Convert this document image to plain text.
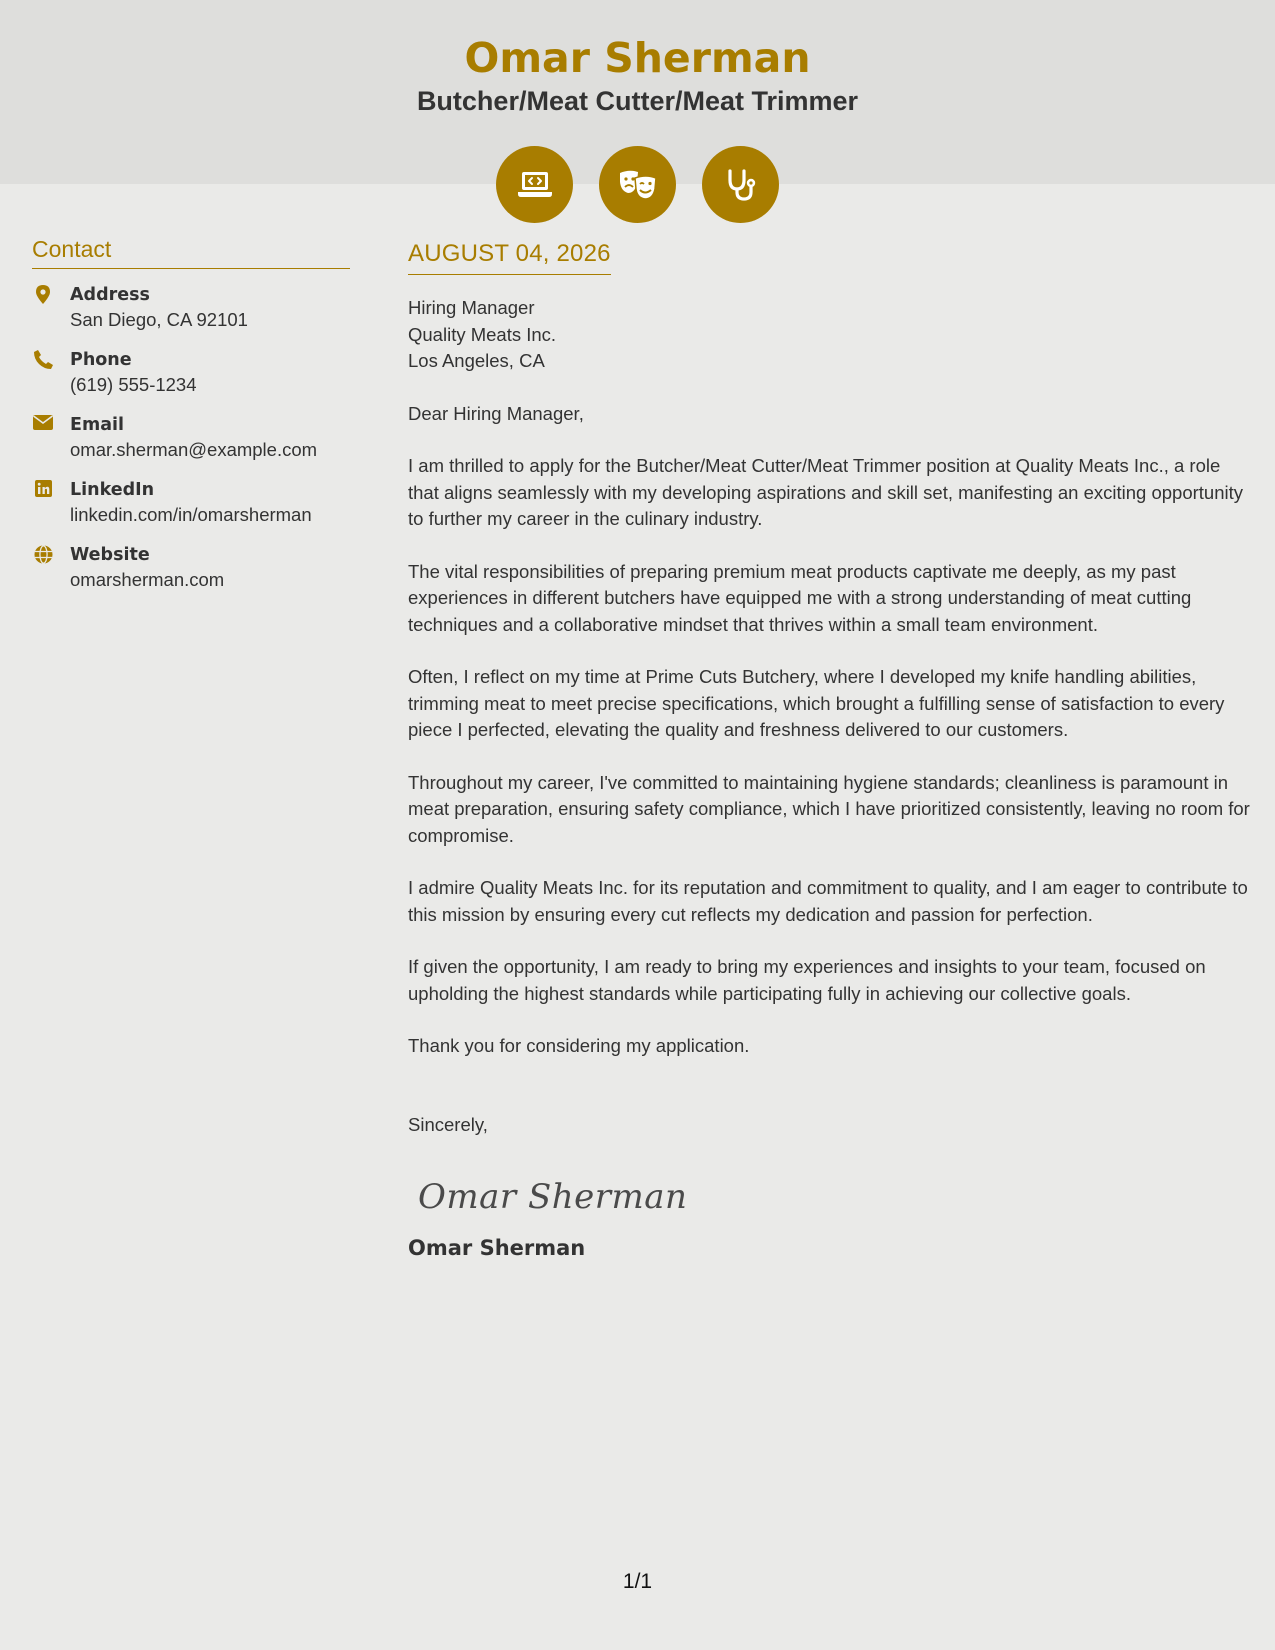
Omar Sherman
Butcher/Meat Cutter/Meat Trimmer
Contact
Address
San Diego, CA 92101
Phone
(619) 555-1234
Email
omar.sherman@example.com
LinkedIn
linkedin.com/in/omarsherman
Website
omarsherman.com
AUGUST 04, 2026
Hiring Manager
Quality Meats Inc.
Los Angeles, CA
Dear Hiring Manager,

I am thrilled to apply for the Butcher/Meat Cutter/Meat Trimmer position at Quality Meats Inc., a role that aligns seamlessly with my developing aspirations and skill set, manifesting an exciting opportunity to further my career in the culinary industry.

The vital responsibilities of preparing premium meat products captivate me deeply, as my past experiences in different butchers have equipped me with a strong understanding of meat cutting techniques and a collaborative mindset that thrives within a small team environment.

Often, I reflect on my time at Prime Cuts Butchery, where I developed my knife handling abilities, trimming meat to meet precise specifications, which brought a fulfilling sense of satisfaction to every piece I perfected, elevating the quality and freshness delivered to our customers.

Throughout my career, I've committed to maintaining hygiene standards; cleanliness is paramount in meat preparation, ensuring safety compliance, which I have prioritized consistently, leaving no room for compromise.

I admire Quality Meats Inc. for its reputation and commitment to quality, and I am eager to contribute to this mission by ensuring every cut reflects my dedication and passion for perfection.

If given the opportunity, I am ready to bring my experiences and insights to your team, focused on upholding the highest standards while participating fully in achieving our collective goals.

Thank you for considering my application.

Sincerely,
Omar Sherman
Omar Sherman
1/1
